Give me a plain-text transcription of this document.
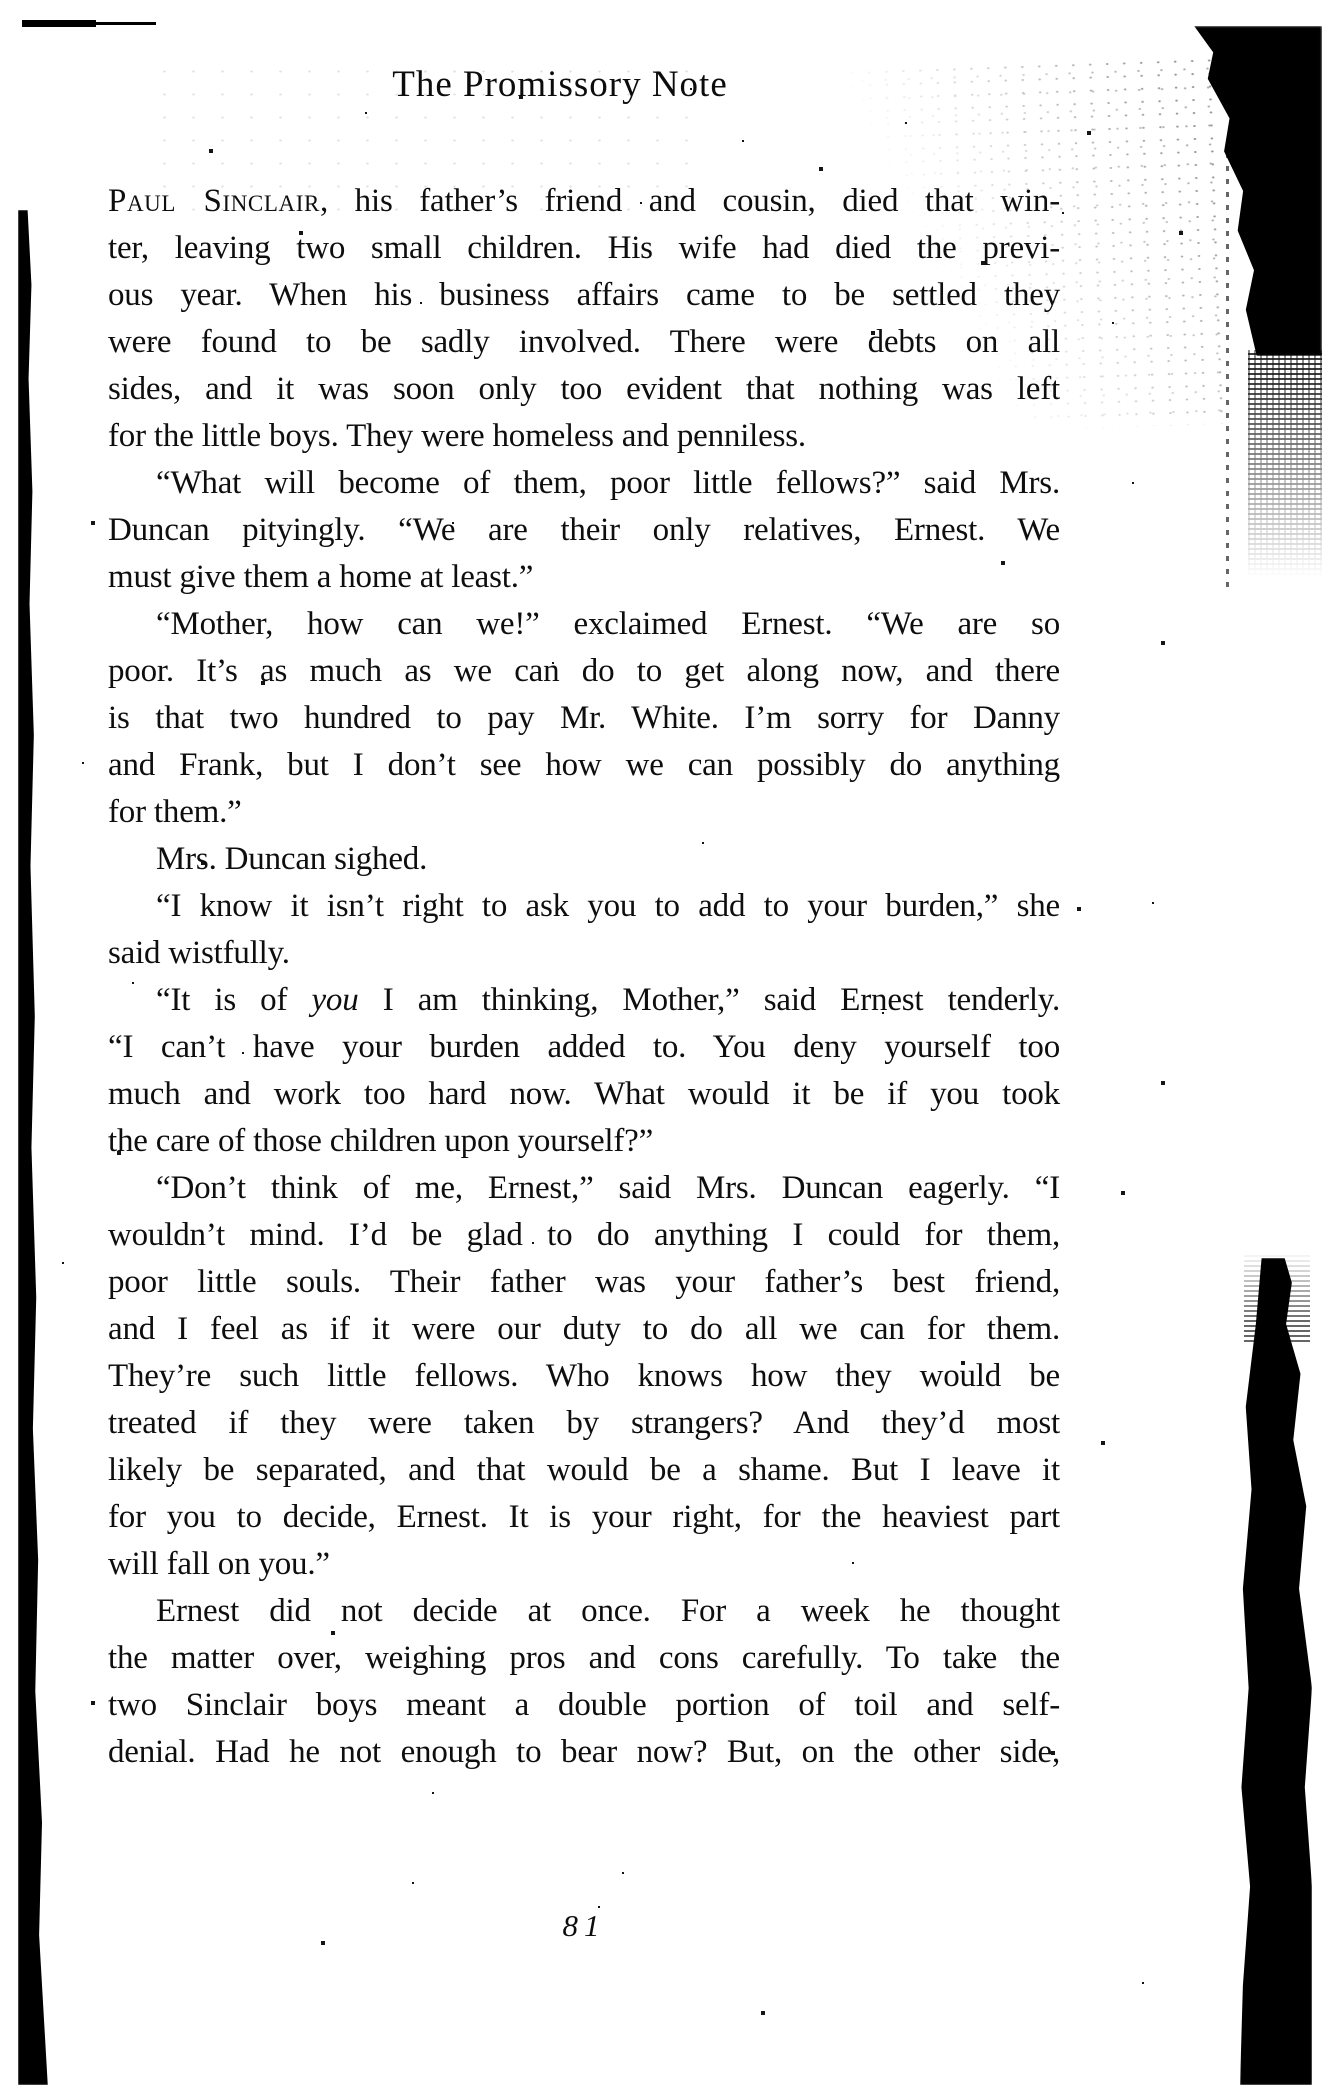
The Promissory Note
Paul Sinclair, his father’s friend and cousin, died that win-
ter, leaving two small children. His wife had died the previ-
ous year. When his business affairs came to be settled they
were found to be sadly involved. There were debts on all
sides, and it was soon only too evident that nothing was left
for the little boys. They were homeless and penniless.
“What will become of them, poor little fellows?” said Mrs.
Duncan pityingly. “We are their only relatives, Ernest. We
must give them a home at least.”
“Mother, how can we!” exclaimed Ernest. “We are so
poor. It’s as much as we can do to get along now, and there
is that two hundred to pay Mr. White. I’m sorry for Danny
and Frank, but I don’t see how we can possibly do anything
for them.”
Mrs. Duncan sighed.
“I know it isn’t right to ask you to add to your burden,” she
said wistfully.
“It is of you I am thinking, Mother,” said Ernest tenderly.
“I can’t have your burden added to. You deny yourself too
much and work too hard now. What would it be if you took
the care of those children upon yourself?”
“Don’t think of me, Ernest,” said Mrs. Duncan eagerly. “I
wouldn’t mind. I’d be glad to do anything I could for them,
poor little souls. Their father was your father’s best friend,
and I feel as if it were our duty to do all we can for them.
They’re such little fellows. Who knows how they would be
treated if they were taken by strangers? And they’d most
likely be separated, and that would be a shame. But I leave it
for you to decide, Ernest. It is your right, for the heaviest part
will fall on you.”
Ernest did not decide at once. For a week he thought
the matter over, weighing pros and cons carefully. To take the
two Sinclair boys meant a double portion of toil and self-
denial. Had he not enough to bear now? But, on the other side,
81
